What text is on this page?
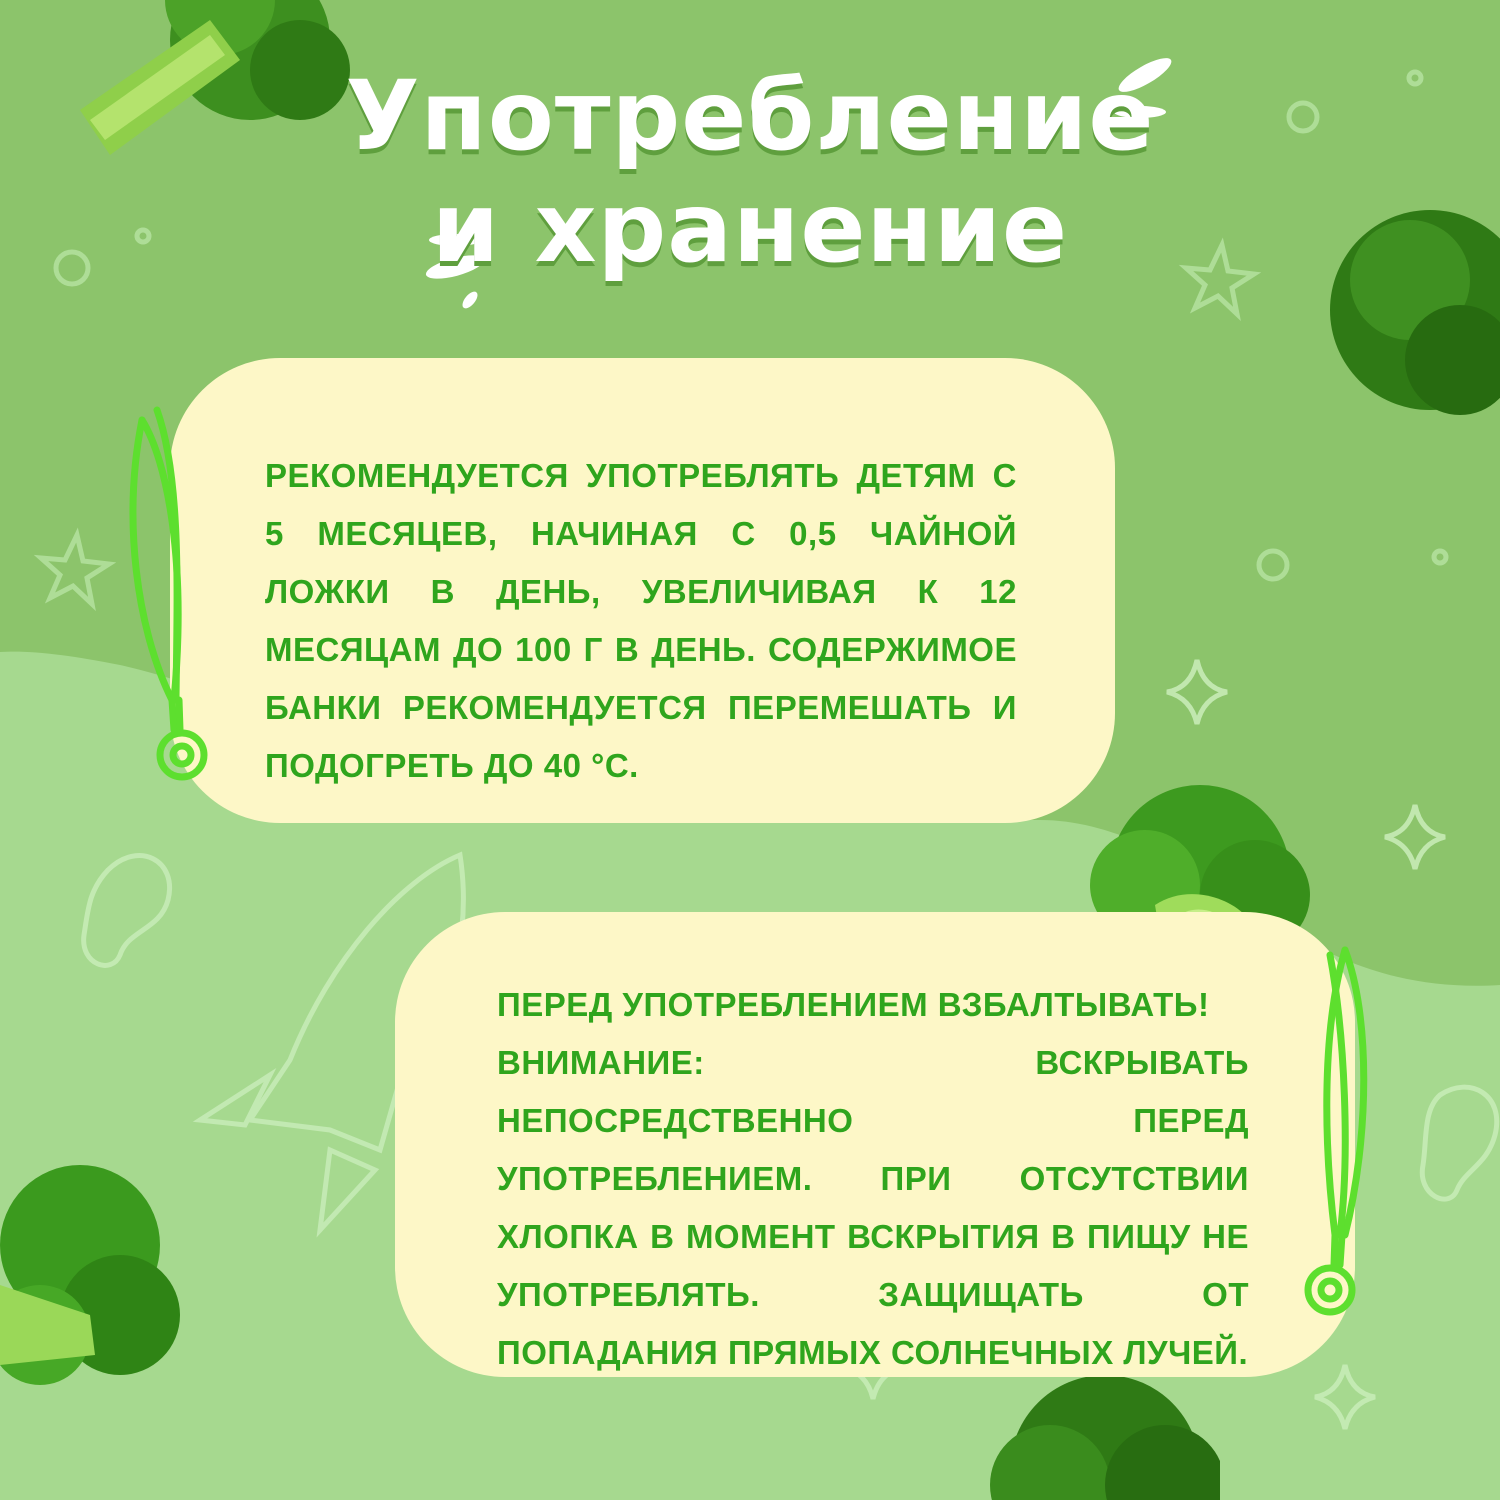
Употребление
и хранение

РЕКОМЕНДУЕТСЯ УПОТРЕБЛЯТЬ ДЕТЯМ С 5 МЕСЯЦЕВ, НАЧИНАЯ С 0,5 ЧАЙНОЙ ЛОЖКИ В ДЕНЬ, УВЕЛИЧИВАЯ К 12 МЕСЯЦАМ ДО 100 Г В ДЕНЬ. СОДЕРЖИМОЕ БАНКИ РЕКОМЕНДУЕТСЯ ПЕРЕМЕШАТЬ И ПОДОГРЕТЬ ДО 40 °С.

ПЕРЕД УПОТРЕБЛЕНИЕМ ВЗБАЛТЫВАТЬ!

ВНИМАНИЕ: ВСКРЫВАТЬ НЕПОСРЕДСТВЕННО ПЕРЕД УПОТРЕБЛЕНИЕМ. ПРИ ОТСУТСТВИИ ХЛОПКА В МОМЕНТ ВСКРЫТИЯ В ПИЩУ НЕ УПОТРЕБЛЯТЬ. ЗАЩИЩАТЬ ОТ ПОПАДАНИЯ ПРЯМЫХ СОЛНЕЧНЫХ ЛУЧЕЙ.
